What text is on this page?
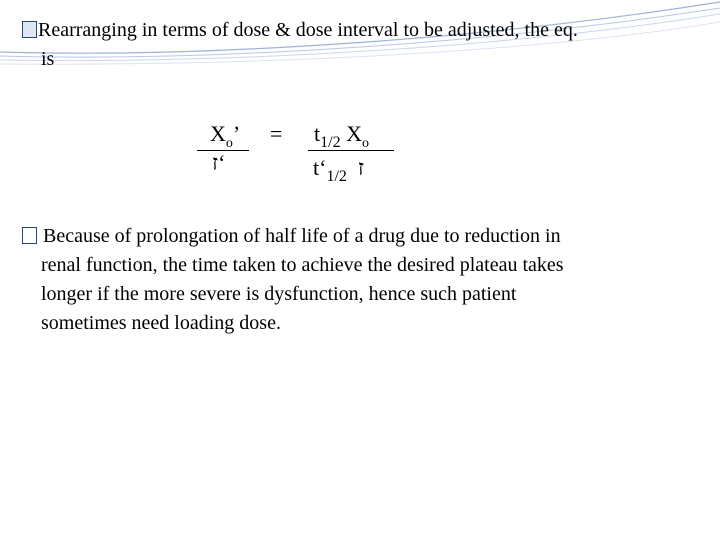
Rearranging in terms of dose & dose interval to be adjusted, the eq.
is

$X_o$’
ז‘
= $t_{1/2}$ $X_o$
$t‘_{1/2}$ ז

Because of prolongation of half life of a drug due to reduction in
renal function, the time taken to achieve the desired plateau takes
longer if the more severe is dysfunction, hence such patient
sometimes need loading dose.
